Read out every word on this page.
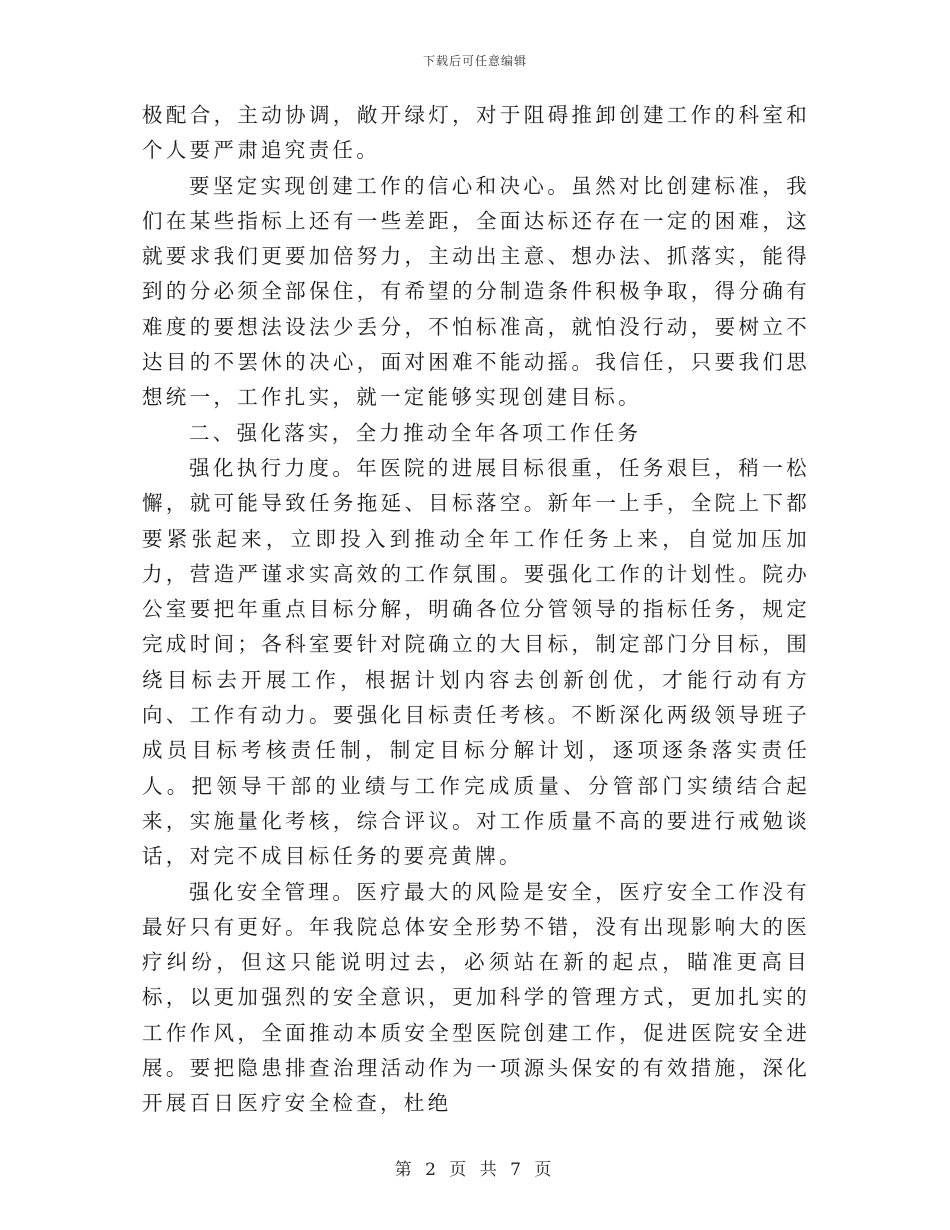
下载后可任意编辑

极配合，主动协调，敞开绿灯，对于阻碍推卸创建工作的科室和个人要严肃追究责任。

要坚定实现创建工作的信心和决心。虽然对比创建标准，我们在某些指标上还有一些差距，全面达标还存在一定的困难，这就要求我们更要加倍努力，主动出主意、想办法、抓落实，能得到的分必须全部保住，有希望的分制造条件积极争取，得分确有难度的要想法设法少丢分，不怕标准高，就怕没行动，要树立不达目的不罢休的决心，面对困难不能动摇。我信任，只要我们思想统一，工作扎实，就一定能够实现创建目标。

二、强化落实，全力推动全年各项工作任务

强化执行力度。年医院的进展目标很重，任务艰巨，稍一松懈，就可能导致任务拖延、目标落空。新年一上手，全院上下都要紧张起来，立即投入到推动全年工作任务上来，自觉加压加力，营造严谨求实高效的工作氛围。要强化工作的计划性。院办公室要把年重点目标分解，明确各位分管领导的指标任务，规定完成时间；各科室要针对院确立的大目标，制定部门分目标，围绕目标去开展工作，根据计划内容去创新创优，才能行动有方向、工作有动力。要强化目标责任考核。不断深化两级领导班子成员目标考核责任制，制定目标分解计划，逐项逐条落实责任人。把领导干部的业绩与工作完成质量、分管部门实绩结合起来，实施量化考核，综合评议。对工作质量不高的要进行戒勉谈话，对完不成目标任务的要亮黄牌。

强化安全管理。医疗最大的风险是安全，医疗安全工作没有最好只有更好。年我院总体安全形势不错，没有出现影响大的医疗纠纷，但这只能说明过去，必须站在新的起点，瞄准更高目标，以更加强烈的安全意识，更加科学的管理方式，更加扎实的工作作风，全面推动本质安全型医院创建工作，促进医院安全进展。要把隐患排查治理活动作为一项源头保安的有效措施，深化开展百日医疗安全检查，杜绝

第 2 页 共 7 页
